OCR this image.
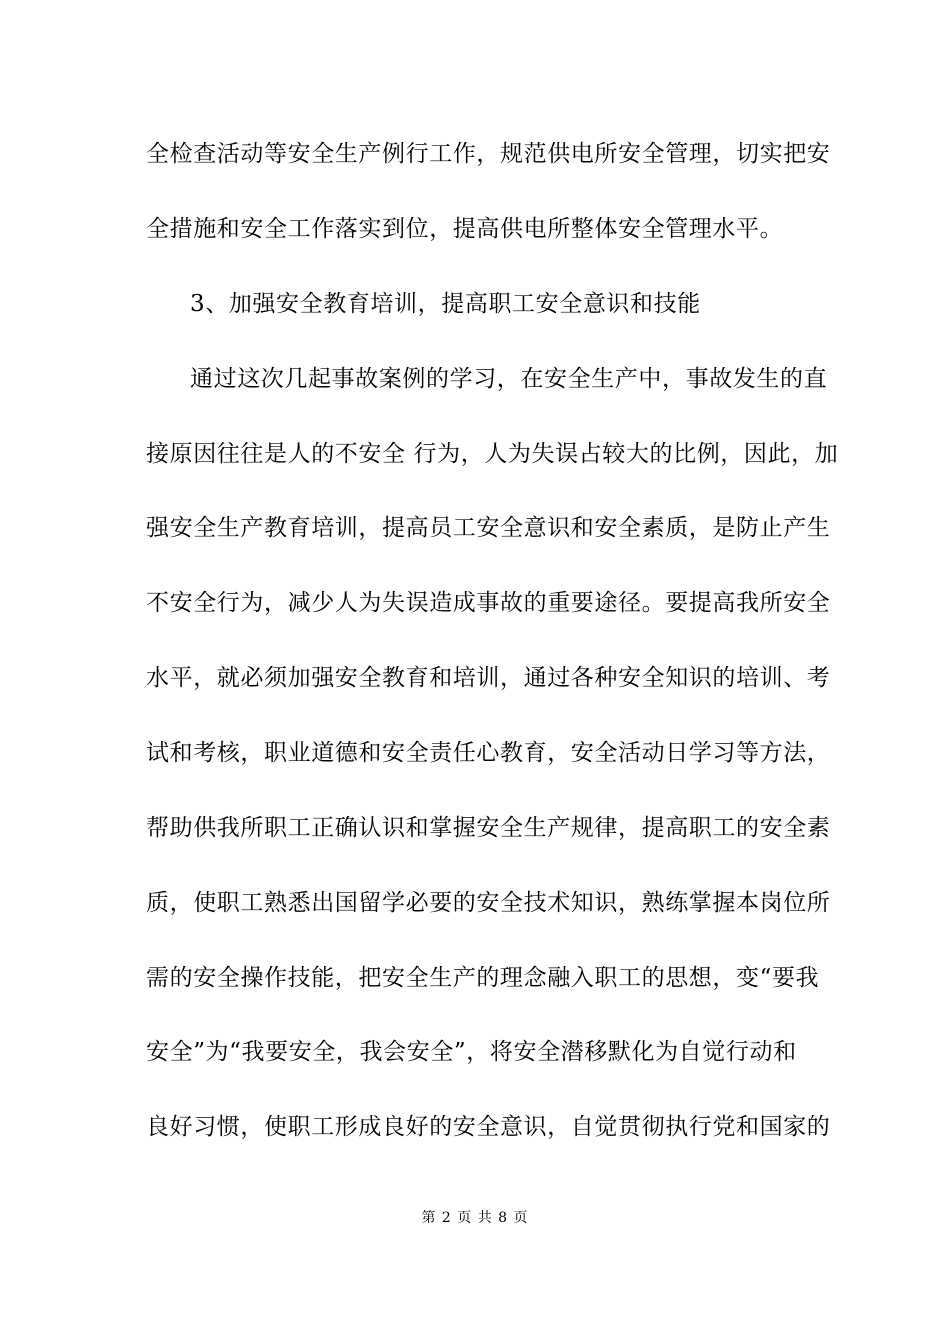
全检查活动等安全生产例行工作，规范供电所安全管理，切实把安
全措施和安全工作落实到位，提高供电所整体安全管理水平。
3、加强安全教育培训，提高职工安全意识和技能
通过这次几起事故案例的学习，在安全生产中，事故发生的直
接原因往往是人的不安全 行为，人为失误占较大的比例，因此，加
强安全生产教育培训，提高员工安全意识和安全素质，是防止产生
不安全行为，减少人为失误造成事故的重要途径。要提高我所安全
水平，就必须加强安全教育和培训，通过各种安全知识的培训、考
试和考核，职业道德和安全责任心教育，安全活动日学习等方法，
帮助供我所职工正确认识和掌握安全生产规律，提高职工的安全素
质，使职工熟悉出国留学必要的安全技术知识，熟练掌握本岗位所
需的安全操作技能，把安全生产的理念融入职工的思想，变“要我
安全”为“我要安全，我会安全”，将安全潜移默化为自觉行动和
良好习惯，使职工形成良好的安全意识，自觉贯彻执行党和国家的
第 2 页 共 8 页
